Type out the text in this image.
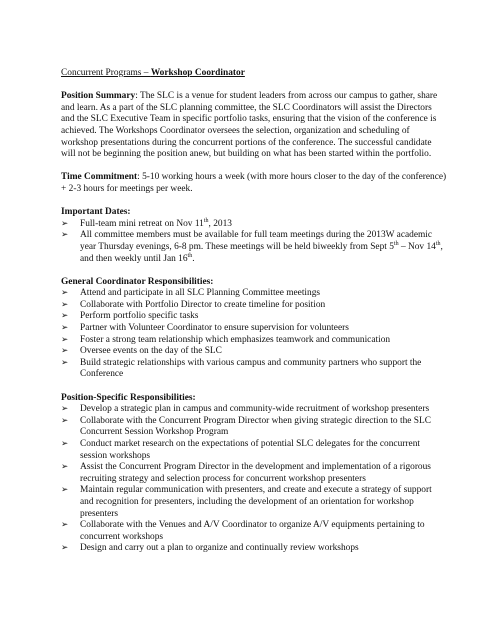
Concurrent Programs – Workshop Coordinator

Position Summary: The SLC is a venue for student leaders from across our campus to gather, share and learn. As a part of the SLC planning committee, the SLC Coordinators will assist the Directors and the SLC Executive Team in specific portfolio tasks, ensuring that the vision of the conference is achieved. The Workshops Coordinator oversees the selection, organization and scheduling of workshop presentations during the concurrent portions of the conference. The successful candidate will not be beginning the position anew, but building on what has been started within the portfolio.

Time Commitment: 5-10 working hours a week (with more hours closer to the day of the conference) + 2-3 hours for meetings per week.

Important Dates:

➢ Full-team mini retreat on Nov 11th, 2013
➢ All committee members must be available for full team meetings during the 2013W academic year Thursday evenings, 6-8 pm. These meetings will be held biweekly from Sept 5th – Nov 14th, and then weekly until Jan 16th.

General Coordinator Responsibilities:

➢ Attend and participate in all SLC Planning Committee meetings
➢ Collaborate with Portfolio Director to create timeline for position
➢ Perform portfolio specific tasks
➢ Partner with Volunteer Coordinator to ensure supervision for volunteers
➢ Foster a strong team relationship which emphasizes teamwork and communication
➢ Oversee events on the day of the SLC
➢ Build strategic relationships with various campus and community partners who support the Conference

Position-Specific Responsibilities:

➢ Develop a strategic plan in campus and community-wide recruitment of workshop presenters
➢ Collaborate with the Concurrent Program Director when giving strategic direction to the SLC Concurrent Session Workshop Program
➢ Conduct market research on the expectations of potential SLC delegates for the concurrent session workshops
➢ Assist the Concurrent Program Director in the development and implementation of a rigorous recruiting strategy and selection process for concurrent workshop presenters
➢ Maintain regular communication with presenters, and create and execute a strategy of support and recognition for presenters, including the development of an orientation for workshop presenters
➢ Collaborate with the Venues and A/V Coordinator to organize A/V equipments pertaining to concurrent workshops
➢ Design and carry out a plan to organize and continually review workshops
